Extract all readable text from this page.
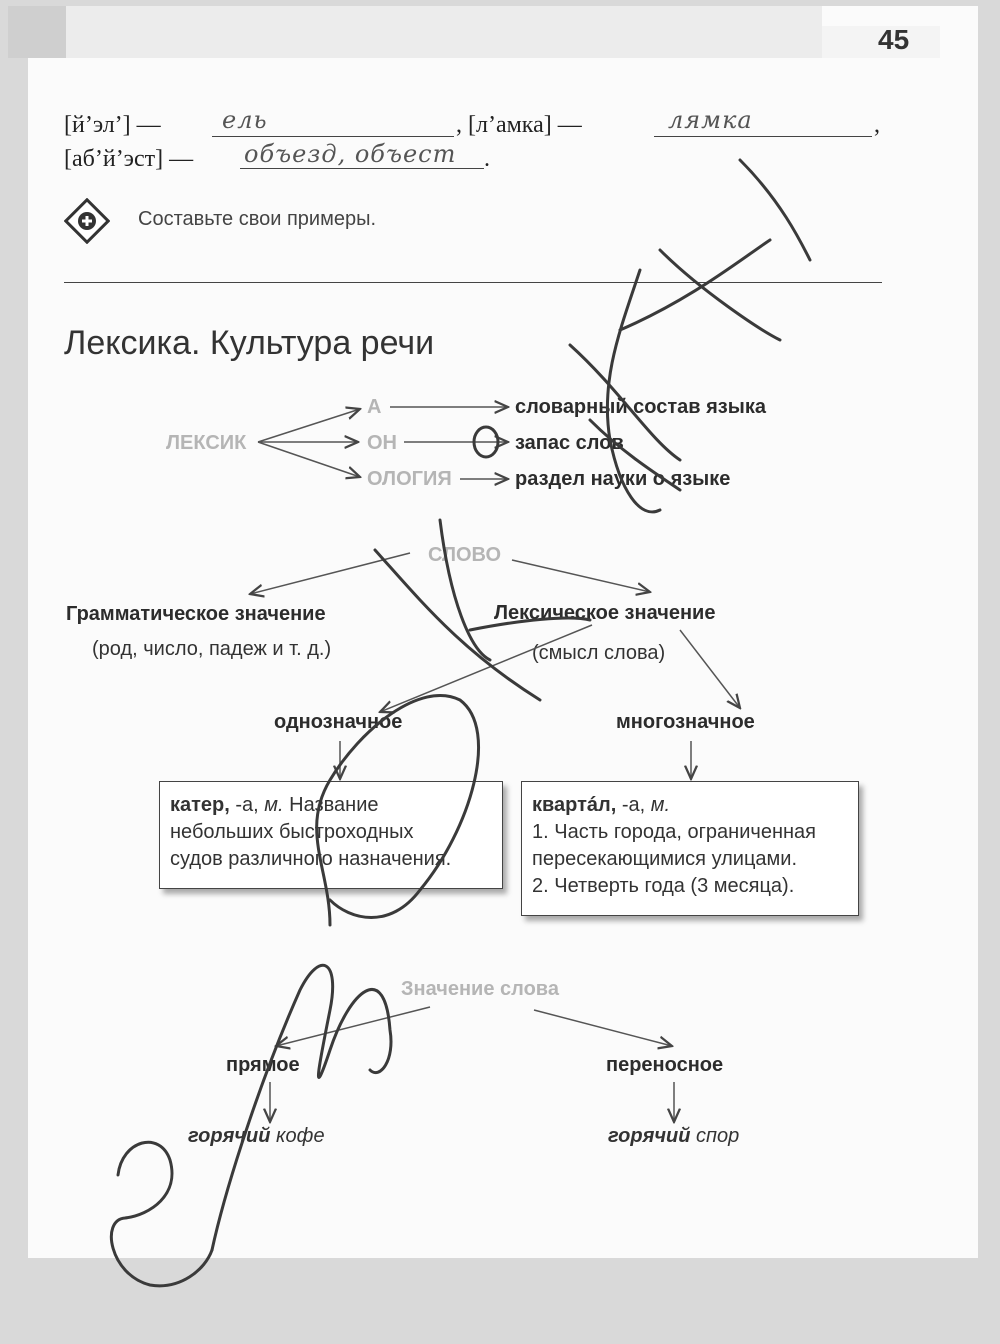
45
[й’эл’] —	ель	, [л’амка] —	лямка	,
[аб’й’эст] — объезд, объест .
Составьте свои примеры.
Лексика. Культура речи
ЛЕКСИК
А
ОН
ОЛОГИЯ
словарный состав языка
запас слов
раздел науки о языке
СЛОВО
Грамматическое значение
(род, число, падеж и т. д.)
Лексическое значение
(смысл слова)
однозначное	многозначное
катер, -а, м. Название
небольших быстроходных
судов различного назначения.
квартáл, -а, м.
1. Часть города, ограниченная
пересекающимися улицами.
2. Четверть года (3 месяца).
Значение слова
прямое	переносное
горячий кофе	горячий спор
